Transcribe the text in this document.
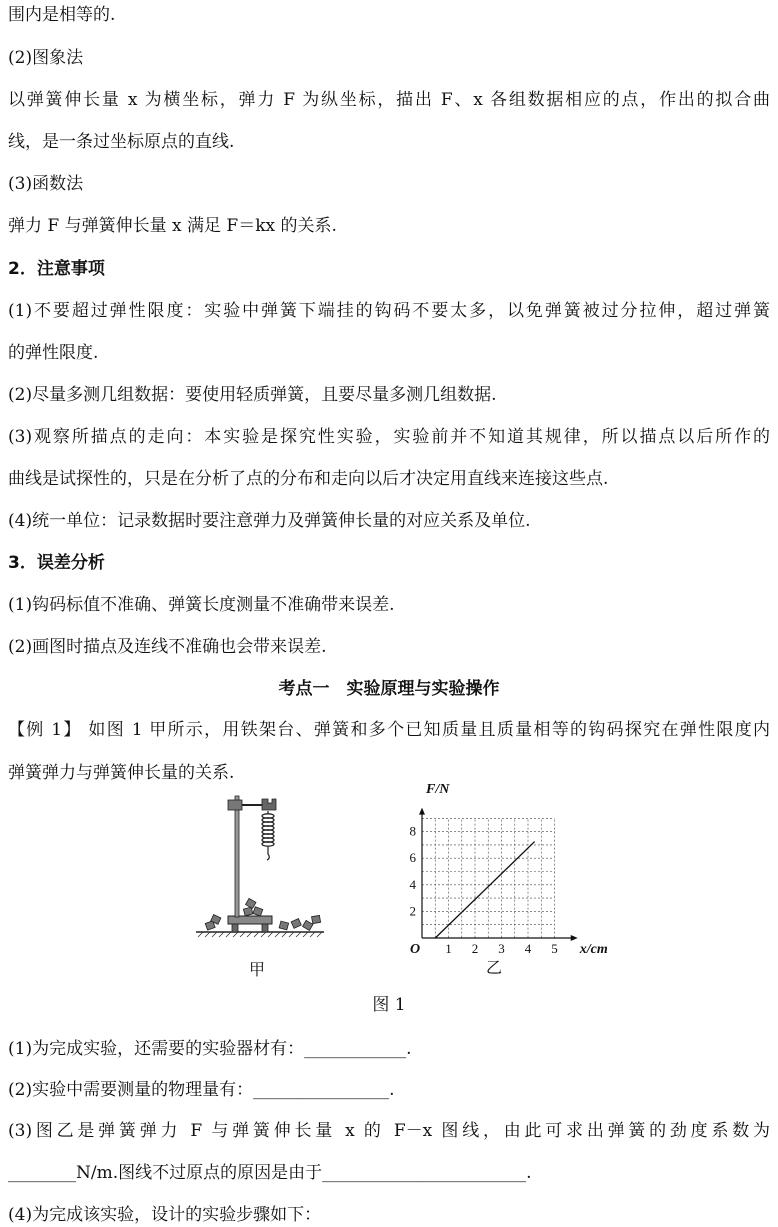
围内是相等的.
(2)图象法
以弹簧伸长量 x 为横坐标，弹力 F 为纵坐标，描出 F、x 各组数据相应的点，作出的拟合曲
线，是一条过坐标原点的直线.
(3)函数法
弹力 F 与弹簧伸长量 x 满足 F＝kx 的关系.
2．注意事项
(1)不要超过弹性限度：实验中弹簧下端挂的钩码不要太多，以免弹簧被过分拉伸，超过弹簧
的弹性限度.
(2)尽量多测几组数据：要使用轻质弹簧，且要尽量多测几组数据.
(3)观察所描点的走向：本实验是探究性实验，实验前并不知道其规律，所以描点以后所作的
曲线是试探性的，只是在分析了点的分布和走向以后才决定用直线来连接这些点.
(4)统一单位：记录数据时要注意弹力及弹簧伸长量的对应关系及单位.
3．误差分析
(1)钩码标值不准确、弹簧长度测量不准确带来误差.
(2)画图时描点及连线不准确也会带来误差.
考点一　实验原理与实验操作
【例 1】 如图 1 甲所示，用铁架台、弹簧和多个已知质量且质量相等的钩码探究在弹性限度内
弹簧弹力与弹簧伸长量的关系.
甲
1 2 3 4 5
2
4
6
8
O	x/cm
F/N
乙
图 1
(1)为完成实验，还需要的实验器材有：____________.
(2)实验中需要测量的物理量有：________________.
(3)图乙是弹簧弹力 F 与弹簧伸长量 x 的 F－x 图线，由此可求出弹簧的劲度系数为
________N/m.图线不过原点的原因是由于________________________.
(4)为完成该实验，设计的实验步骤如下：
